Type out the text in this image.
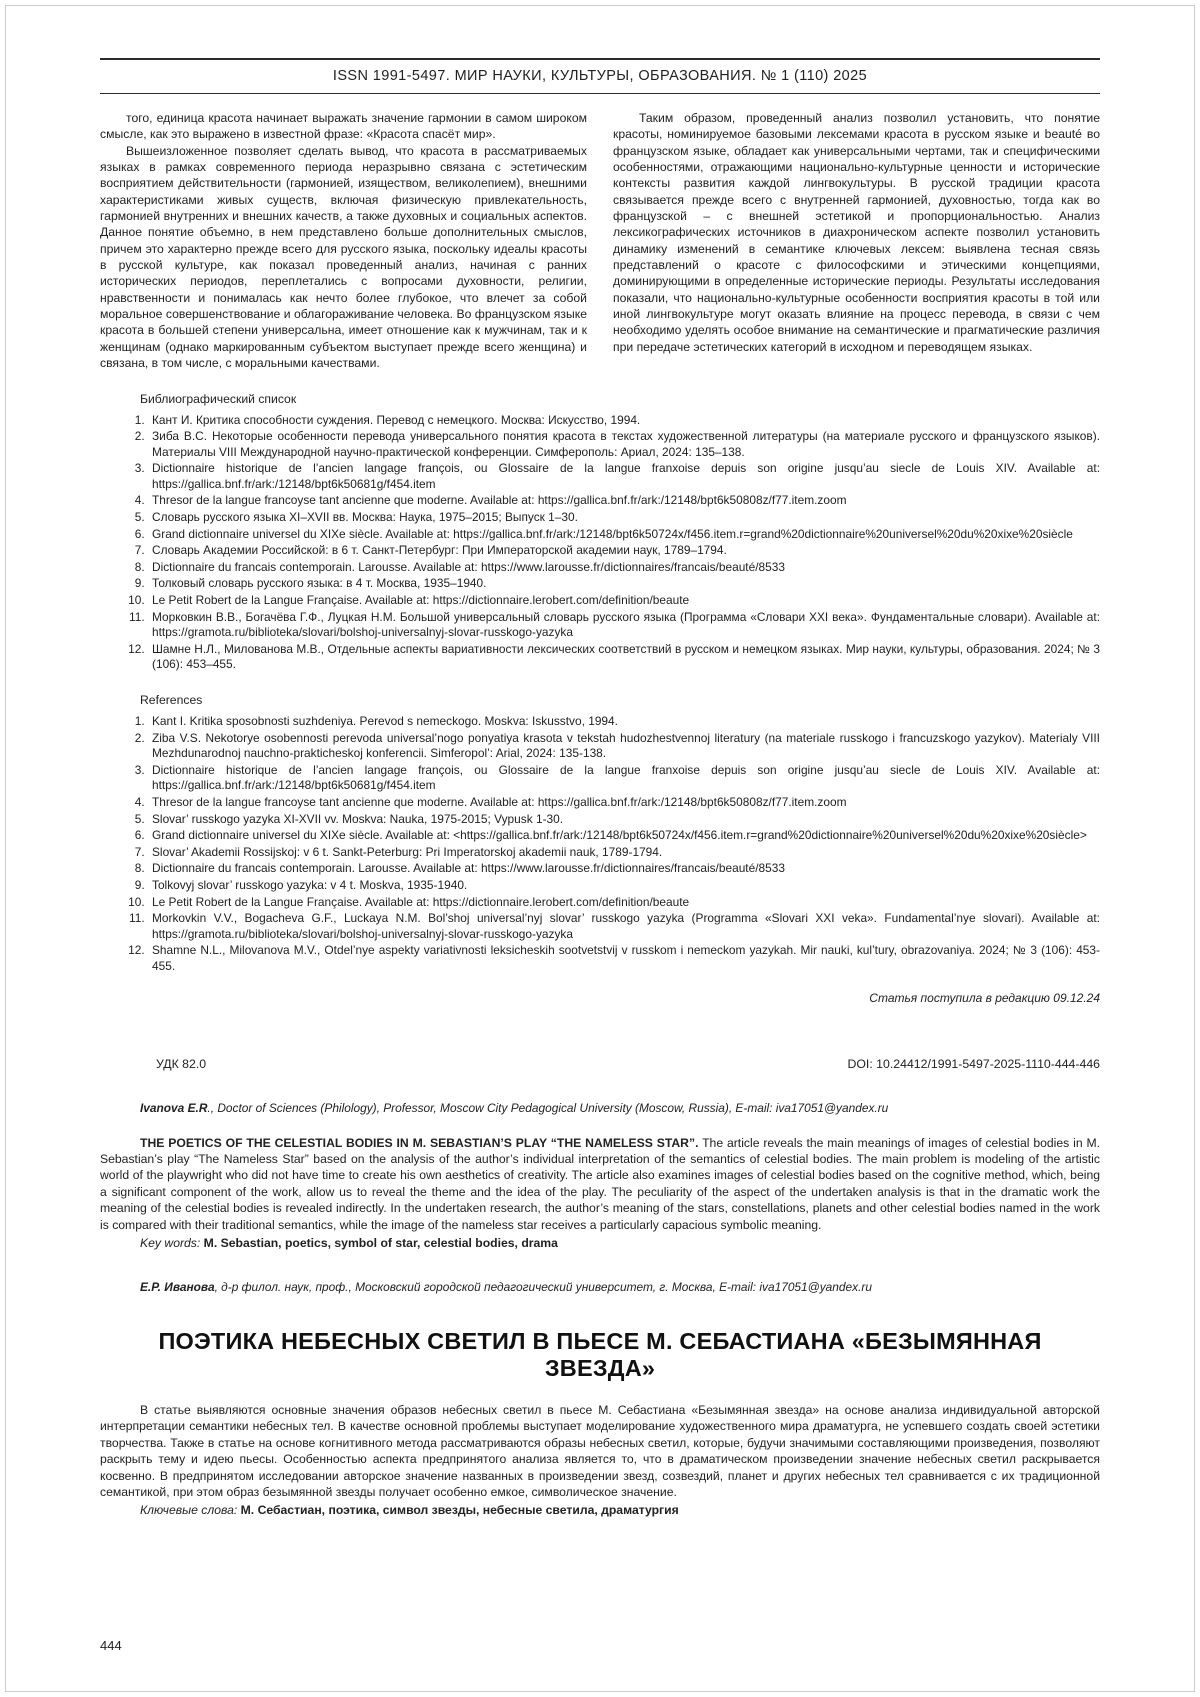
ISSN 1991-5497. МИР НАУКИ, КУЛЬТУРЫ, ОБРАЗОВАНИЯ. № 1 (110) 2025

того, единица красота начинает выражать значение гармонии в самом широком смысле, как это выражено в известной фразе: «Красота спасёт мир».

Вышеизложенное позволяет сделать вывод, что красота в рассматриваемых языках в рамках современного периода неразрывно связана с эстетическим восприятием действительности (гармонией, изяществом, великолепием), внешними характеристиками живых существ, включая физическую привлекательность, гармонией внутренних и внешних качеств, а также духовных и социальных аспектов. Данное понятие объемно, в нем представлено больше дополнительных смыслов, причем это характерно прежде всего для русского языка, поскольку идеалы красоты в русской культуре, как показал проведенный анализ, начиная с ранних исторических периодов, переплетались с вопросами духовности, религии, нравственности и понималась как нечто более глубокое, что влечет за собой моральное совершенствование и облагораживание человека. Во французском языке красота в большей степени универсальна, имеет отношение как к мужчинам, так и к женщинам (однако маркированным субъектом выступает прежде всего женщина) и связана, в том числе, с моральными качествами.

Таким образом, проведенный анализ позволил установить, что понятие красоты, номинируемое базовыми лексемами красота в русском языке и beauté во французском языке, обладает как универсальными чертами, так и специфическими особенностями, отражающими национально-культурные ценности и исторические контексты развития каждой лингвокультуры. В русской традиции красота связывается прежде всего с внутренней гармонией, духовностью, тогда как во французской – с внешней эстетикой и пропорциональностью. Анализ лексикографических источников в диахроническом аспекте позволил установить динамику изменений в семантике ключевых лексем: выявлена тесная связь представлений о красоте с философскими и этическими концепциями, доминирующими в определенные исторические периоды. Результаты исследования показали, что национально-культурные особенности восприятия красоты в той или иной лингвокультуре могут оказать влияние на процесс перевода, в связи с чем необходимо уделять особое внимание на семантические и прагматические различия при передаче эстетических категорий в исходном и переводящем языках.

Библиографический список
1. Кант И. Критика способности суждения. Перевод с немецкого. Москва: Искусство, 1994.
2. Зиба В.С. Некоторые особенности перевода универсального понятия красота в текстах художественной литературы (на материале русского и французского языков). Материалы VIII Международной научно-практической конференции. Симферополь: Ариал, 2024: 135–138.
3. Dictionnaire historique de l’ancien langage françois, ou Glossaire de la langue franxoise depuis son origine jusqu’au siecle de Louis XIV. Available at: https://gallica.bnf.fr/ark:/12148/bpt6k50681g/f454.item
4. Thresor de la langue francoyse tant ancienne que moderne. Available at: https://gallica.bnf.fr/ark:/12148/bpt6k50808z/f77.item.zoom
5. Словарь русского языка XI–XVII вв. Москва: Наука, 1975–2015; Выпуск 1–30.
6. Grand dictionnaire universel du XIXe siècle. Available at: https://gallica.bnf.fr/ark:/12148/bpt6k50724x/f456.item.r=grand%20dictionnaire%20universel%20du%20xixe%20siècle
7. Словарь Академии Российской: в 6 т. Санкт-Петербург: При Императорской академии наук, 1789–1794.
8. Dictionnaire du francais contemporain. Larousse. Available at: https://www.larousse.fr/dictionnaires/francais/beauté/8533
9. Толковый словарь русского языка: в 4 т. Москва, 1935–1940.
10. Le Petit Robert de la Langue Française. Available at: https://dictionnaire.lerobert.com/definition/beaute
11. Морковкин В.В., Богачёва Г.Ф., Луцкая Н.М. Большой универсальный словарь русского языка (Программа «Словари XXI века». Фундаментальные словари). Available at: https://gramota.ru/biblioteka/slovari/bolshoj-universalnyj-slovar-russkogo-yazyka
12. Шамне Н.Л., Милованова М.В., Отдельные аспекты вариативности лексических соответствий в русском и немецком языках. Мир науки, культуры, образования. 2024; № 3 (106): 453–455.
References
1. Kant I. Kritika sposobnosti suzhdeniya. Perevod s nemeckogo. Moskva: Iskusstvo, 1994.
2. Ziba V.S. Nekotorye osobennosti perevoda universal’nogo ponyatiya krasota v tekstah hudozhestvennoj literatury (na materiale russkogo i francuzskogo yazykov). Materialy VIII Mezhdunarodnoj nauchno-prakticheskoj konferencii. Simferopol’: Arial, 2024: 135-138.
3. Dictionnaire historique de l’ancien langage françois, ou Glossaire de la langue franxoise depuis son origine jusqu’au siecle de Louis XIV. Available at: https://gallica.bnf.fr/ark:/12148/bpt6k50681g/f454.item
4. Thresor de la langue francoyse tant ancienne que moderne. Available at: https://gallica.bnf.fr/ark:/12148/bpt6k50808z/f77.item.zoom
5. Slovar’ russkogo yazyka XI-XVII vv. Moskva: Nauka, 1975-2015; Vypusk 1-30.
6. Grand dictionnaire universel du XIXe siècle. Available at: <https://gallica.bnf.fr/ark:/12148/bpt6k50724x/f456.item.r=grand%20dictionnaire%20universel%20du%20xixe%20siècle>
7. Slovar’ Akademii Rossijskoj: v 6 t. Sankt-Peterburg: Pri Imperatorskoj akademii nauk, 1789-1794.
8. Dictionnaire du francais contemporain. Larousse. Available at: https://www.larousse.fr/dictionnaires/francais/beauté/8533
9. Tolkovyj slovar’ russkogo yazyka: v 4 t. Moskva, 1935-1940.
10. Le Petit Robert de la Langue Française. Available at: https://dictionnaire.lerobert.com/definition/beaute
11. Morkovkin V.V., Bogacheva G.F., Luckaya N.M. Bol’shoj universal’nyj slovar’ russkogo yazyka (Programma «Slovari XXI veka». Fundamental’nye slovari). Available at: https://gramota.ru/biblioteka/slovari/bolshoj-universalnyj-slovar-russkogo-yazyka
12. Shamne N.L., Milovanova M.V., Otdel’nye aspekty variativnosti leksicheskih sootvetstvij v russkom i nemeckom yazykah. Mir nauki, kul’tury, obrazovaniya. 2024; № 3 (106): 453-455.

Статья поступила в редакцию 09.12.24

УДК 82.0	DOI: 10.24412/1991-5497-2025-1110-444-446

Ivanova E.R., Doctor of Sciences (Philology), Professor, Moscow City Pedagogical University (Moscow, Russia), E-mail: iva17051@yandex.ru

THE POETICS OF THE CELESTIAL BODIES IN M. SEBASTIAN’S PLAY “THE NAMELESS STAR”. The article reveals the main meanings of images of celestial bodies in M. Sebastian’s play “The Nameless Star” based on the analysis of the author’s individual interpretation of the semantics of celestial bodies. The main problem is modeling of the artistic world of the playwright who did not have time to create his own aesthetics of creativity. The article also examines images of celestial bodies based on the cognitive method, which, being a significant component of the work, allow us to reveal the theme and the idea of the play. The peculiarity of the aspect of the undertaken analysis is that in the dramatic work the meaning of the celestial bodies is revealed indirectly. In the undertaken research, the author’s meaning of the stars, constellations, planets and other celestial bodies named in the work is compared with their traditional semantics, while the image of the nameless star receives a particularly capacious symbolic meaning.

Key words: M. Sebastian, poetics, symbol of star, celestial bodies, drama

Е.Р. Иванова, д-р филол. наук, проф., Московский городской педагогический университет, г. Москва, E-mail: iva17051@yandex.ru

ПОЭТИКА НЕБЕСНЫХ СВЕТИЛ В ПЬЕСЕ М. СЕБАСТИАНА «БЕЗЫМЯННАЯ ЗВЕЗДА»

В статье выявляются основные значения образов небесных светил в пьесе М. Себастиана «Безымянная звезда» на основе анализа индивидуальной авторской интерпретации семантики небесных тел. В качестве основной проблемы выступает моделирование художественного мира драматурга, не успевшего создать своей эстетики творчества. Также в статье на основе когнитивного метода рассматриваются образы небесных светил, которые, будучи значимыми составляющими произведения, позволяют раскрыть тему и идею пьесы. Особенностью аспекта предпринятого анализа является то, что в драматическом произведении значение небесных светил раскрывается косвенно. В предпринятом исследовании авторское значение названных в произведении звезд, созвездий, планет и других небесных тел сравнивается с их традиционной семантикой, при этом образ безымянной звезды получает особенно емкое, символическое значение.

Ключевые слова: М. Себастиан, поэтика, символ звезды, небесные светила, драматургия

444
